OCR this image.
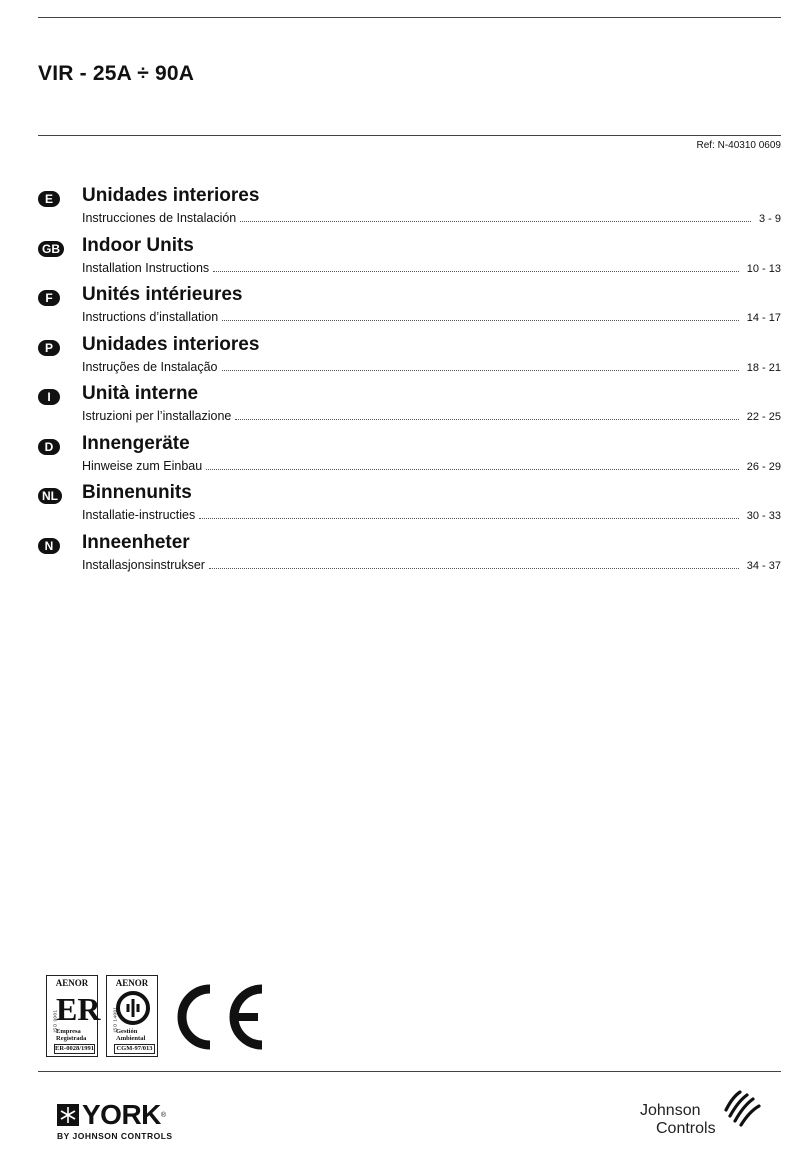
VIR - 25A ÷ 90A
Ref: N-40310 0609
E	Unidades interiores
Instrucciones de Instalación	3 - 9
GB Indoor Units
Installation Instructions	10 - 13
F	Unités intérieures
Instructions d’installation	14 - 17
P	Unidades interiores
Instruções de Instalação	18 - 21
I	Unità interne
Istruzioni per l’installazione	22 - 25
D	Innengeräte
Hinweise zum Einbau	26 - 29
NL Binnenunits
Installatie-instructies	30 - 33
N	Inneenheter
Installasjonsinstrukser	34 - 37
AENOR
ER
Empresa
Registrada
ER-0028/1991
ISO 9001
AENOR
Gestión
Ambiental
CGM-97/013
ISO 14001
YORK ®
BY JOHNSON CONTROLS
Johnson
Controls
